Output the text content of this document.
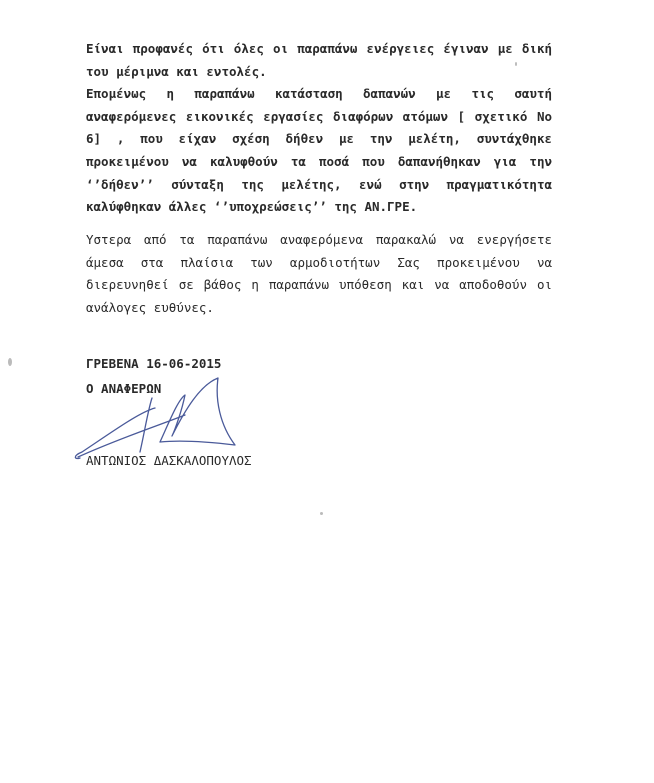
Είναι προφανές ότι όλες οι παραπάνω ενέργειες έγιναν με δική
του μέριμνα και εντολές.
Επομένως η παραπάνω κατάσταση δαπανών με τις σαυτή
αναφερόμενες εικονικές εργασίες διαφόρων ατόμων [ σχετικό Νο
6] , που είχαν σχέση δήθεν με την μελέτη, συντάχθηκε
προκειμένου να καλυφθούν τα ποσά που δαπανήθηκαν για την
‘’δήθεν’’ σύνταξη της μελέτης, ενώ στην πραγματικότητα
καλύφθηκαν άλλες ‘’υποχρεώσεις’’ της ΑΝ.ΓΡΕ.
Υστερα από τα παραπάνω αναφερόμενα παρακαλώ να ενεργήσετε
άμεσα στα πλαίσια των αρμοδιοτήτων Σας προκειμένου να
διερευνηθεί σε βάθος η παραπάνω υπόθεση και να αποδοθούν οι
ανάλογες ευθύνες.
ΓΡΕΒΕΝΑ 16-06-2015
Ο ΑΝΑΦΕΡΩΝ
ΑΝΤΩΝΙΟΣ ΔΑΣΚΑΛΟΠΟΥΛΟΣ
